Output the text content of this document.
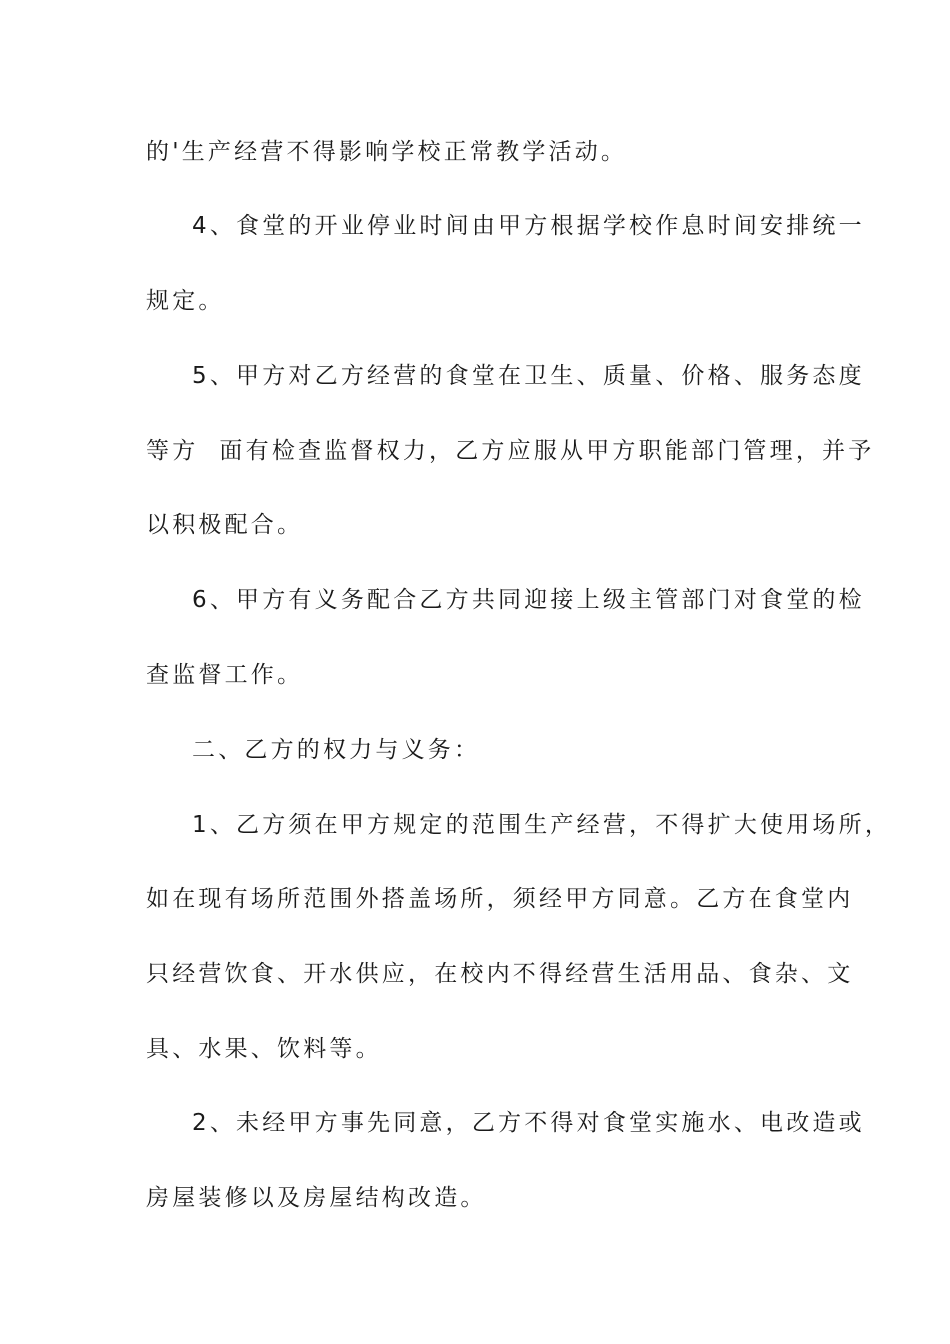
的'生产经营不得影响学校正常教学活动。
4、食堂的开业停业时间由甲方根据学校作息时间安排统一
规定。
5、甲方对乙方经营的食堂在卫生、质量、价格、服务态度
等方  面有检查监督权力，乙方应服从甲方职能部门管理，并予
以积极配合。
6、甲方有义务配合乙方共同迎接上级主管部门对食堂的检
查监督工作。
二、乙方的权力与义务：
1、乙方须在甲方规定的范围生产经营，不得扩大使用场所，
如在现有场所范围外搭盖场所，须经甲方同意。乙方在食堂内
只经营饮食、开水供应，在校内不得经营生活用品、食杂、文
具、水果、饮料等。
2、未经甲方事先同意，乙方不得对食堂实施水、电改造或
房屋装修以及房屋结构改造。
